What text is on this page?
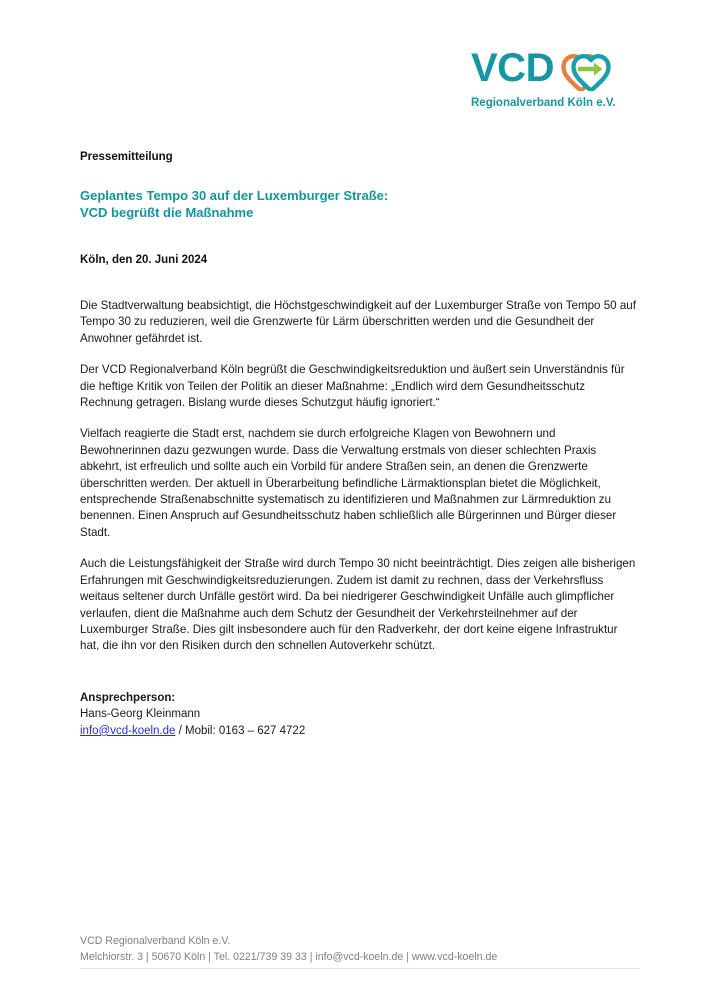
VCD
Regionalverband Köln e.V.

Pressemitteilung

Geplantes Tempo 30 auf der Luxemburger Straße:
VCD begrüßt die Maßnahme

Köln, den 20. Juni 2024

Die Stadtverwaltung beabsichtigt, die Höchstgeschwindigkeit auf der Luxemburger Straße von Tempo 50 auf Tempo 30 zu reduzieren, weil die Grenzwerte für Lärm überschritten werden und die Gesundheit der Anwohner gefährdet ist.

Der VCD Regionalverband Köln begrüßt die Geschwindigkeitsreduktion und äußert sein Unverständnis für die heftige Kritik von Teilen der Politik an dieser Maßnahme: „Endlich wird dem Gesundheitsschutz Rechnung getragen. Bislang wurde dieses Schutzgut häufig ignoriert.“

Vielfach reagierte die Stadt erst, nachdem sie durch erfolgreiche Klagen von Bewohnern und Bewohnerinnen dazu gezwungen wurde. Dass die Verwaltung erstmals von dieser schlechten Praxis abkehrt, ist erfreulich und sollte auch ein Vorbild für andere Straßen sein, an denen die Grenzwerte überschritten werden. Der aktuell in Überarbeitung befindliche Lärmaktionsplan bietet die Möglichkeit, entsprechende Straßenabschnitte systematisch zu identifizieren und Maßnahmen zur Lärmreduktion zu benennen. Einen Anspruch auf Gesundheitsschutz haben schließlich alle Bürgerinnen und Bürger dieser Stadt.

Auch die Leistungsfähigkeit der Straße wird durch Tempo 30 nicht beeinträchtigt. Dies zeigen alle bisherigen Erfahrungen mit Geschwindigkeitsreduzierungen. Zudem ist damit zu rechnen, dass der Verkehrsfluss weitaus seltener durch Unfälle gestört wird. Da bei niedrigerer Geschwindigkeit Unfälle auch glimpflicher verlaufen, dient die Maßnahme auch dem Schutz der Gesundheit der Verkehrsteilnehmer auf der Luxemburger Straße. Dies gilt insbesondere auch für den Radverkehr, der dort keine eigene Infrastruktur hat, die ihn vor den Risiken durch den schnellen Autoverkehr schützt.

Ansprechperson:
Hans-Georg Kleinmann
info@vcd-koeln.de / Mobil: 0163 – 627 4722
VCD Regionalverband Köln e.V.
Melchiorstr. 3 | 50670 Köln | Tel. 0221/739 39 33 | info@vcd-koeln.de | www.vcd-koeln.de
